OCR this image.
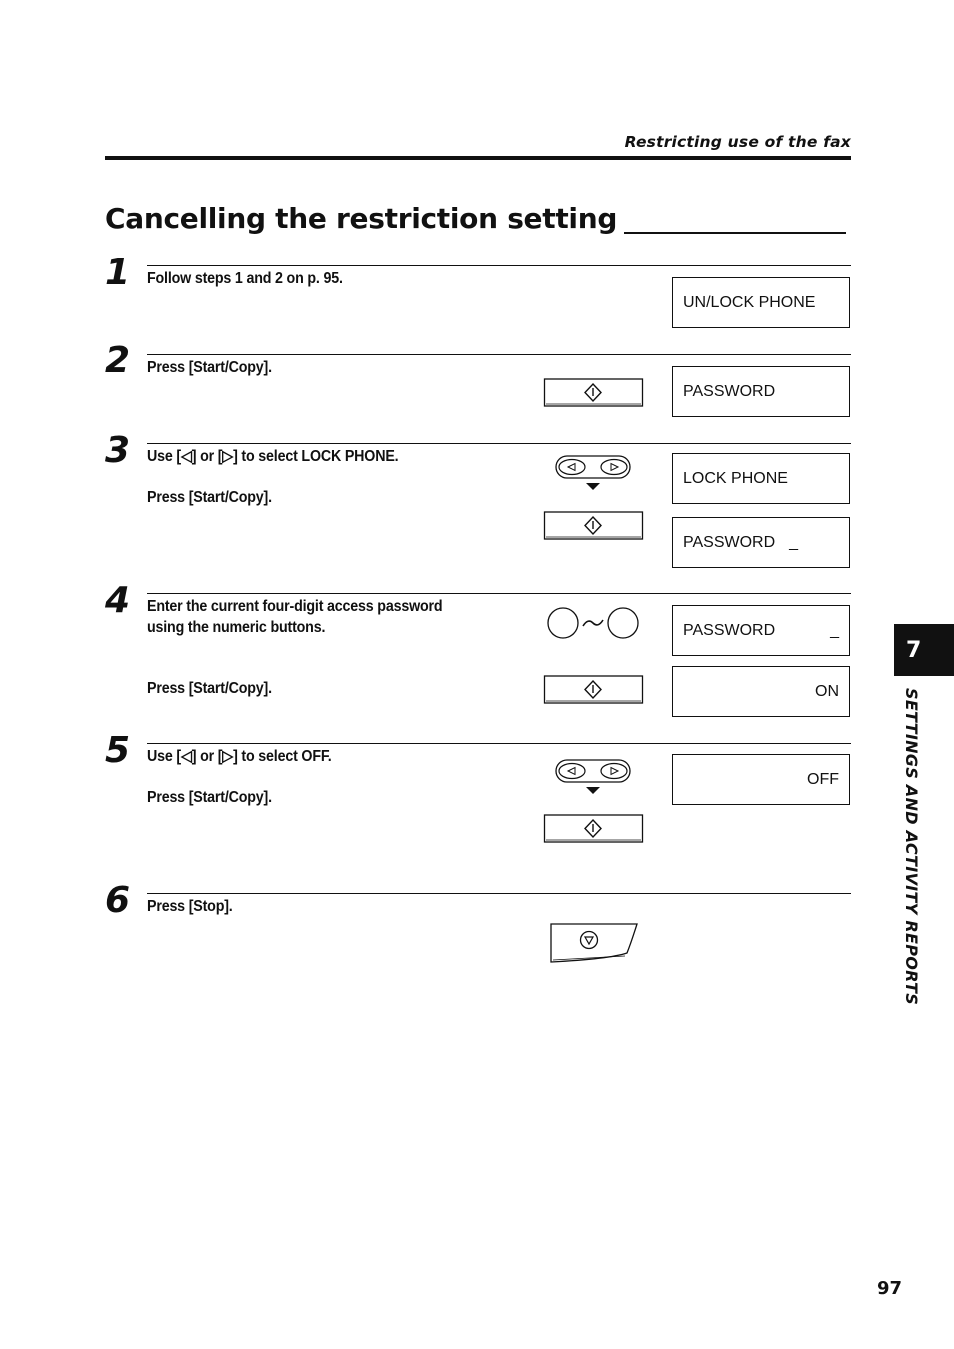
Restricting use of the fax
Cancelling the restriction setting
1	Follow steps 1 and 2 on p. 95.
UN/LOCK PHONE
2	Press [Start/Copy].
PASSWORD
3	Use [◁] or [▷] to select LOCK PHONE.
Press [Start/Copy].
LOCK PHONE
PASSWORD _
4	Enter the current four-digit access password
using the numeric buttons.
Press [Start/Copy].
PASSWORD	_
ON
5	Use [◁] or [▷] to select OFF.
Press [Start/Copy].
OFF
6	Press [Stop].
7
SETTINGS AND ACTIVITY REPORTS
97
